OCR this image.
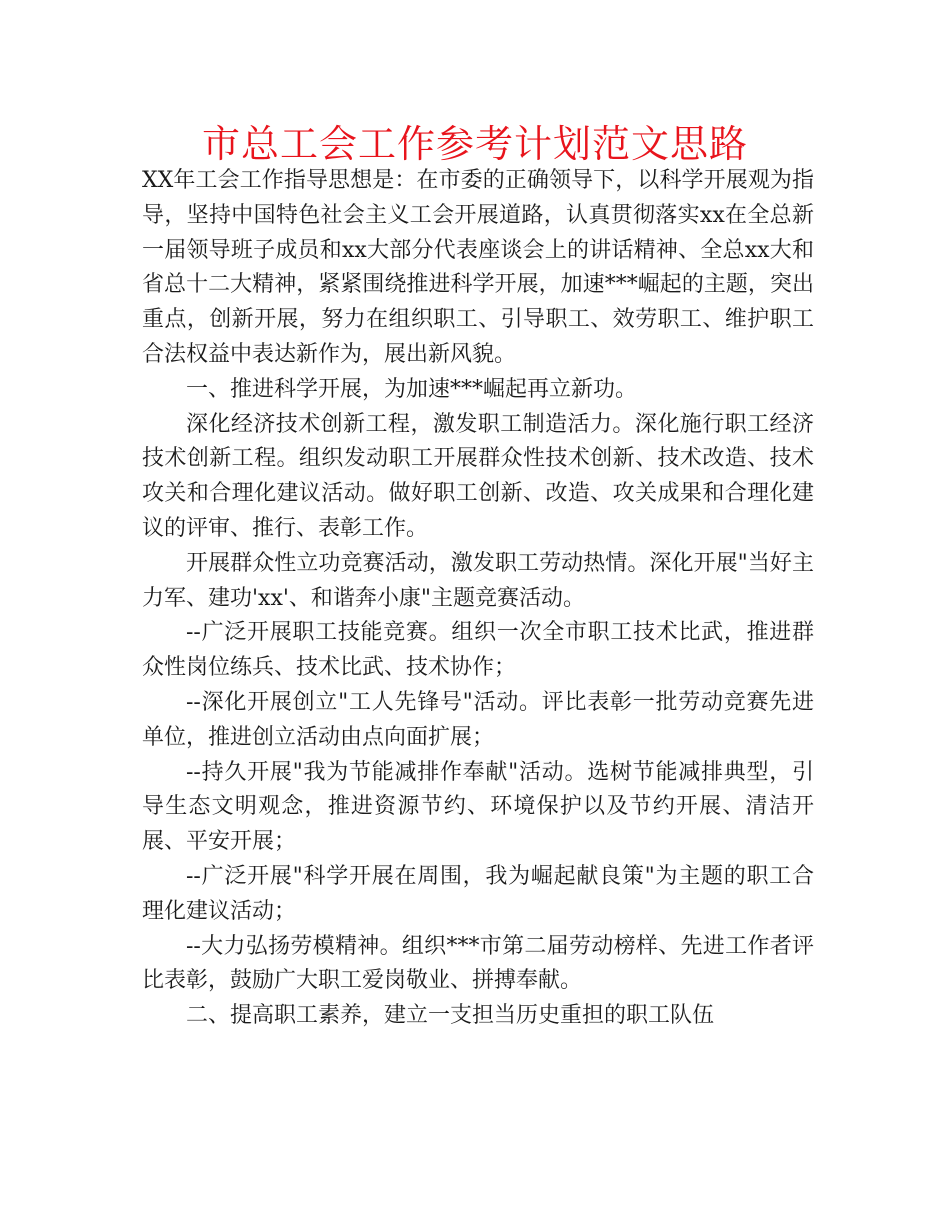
市总工会工作参考计划范文思路

XX年工会工作指导思想是：在市委的正确领导下，以科学开展观为指导，坚持中国特色社会主义工会开展道路，认真贯彻落实xx在全总新一届领导班子成员和xx大部分代表座谈会上的讲话精神、全总xx大和省总十二大精神，紧紧围绕推进科学开展，加速***崛起的主题，突出重点，创新开展，努力在组织职工、引导职工、效劳职工、维护职工合法权益中表达新作为，展出新风貌。

一、推进科学开展，为加速***崛起再立新功。

深化经济技术创新工程，激发职工制造活力。深化施行职工经济技术创新工程。组织发动职工开展群众性技术创新、技术改造、技术攻关和合理化建议活动。做好职工创新、改造、攻关成果和合理化建议的评审、推行、表彰工作。

开展群众性立功竞赛活动，激发职工劳动热情。深化开展"当好主力军、建功'xx'、和谐奔小康"主题竞赛活动。

--广泛开展职工技能竞赛。组织一次全市职工技术比武，推进群众性岗位练兵、技术比武、技术协作；

--深化开展创立"工人先锋号"活动。评比表彰一批劳动竞赛先进单位，推进创立活动由点向面扩展；

--持久开展"我为节能减排作奉献"活动。选树节能减排典型，引导生态文明观念，推进资源节约、环境保护以及节约开展、清洁开展、平安开展；

--广泛开展"科学开展在周围，我为崛起献良策"为主题的职工合理化建议活动；

--大力弘扬劳模精神。组织***市第二届劳动榜样、先进工作者评比表彰，鼓励广大职工爱岗敬业、拼搏奉献。

二、提高职工素养，建立一支担当历史重担的职工队伍
